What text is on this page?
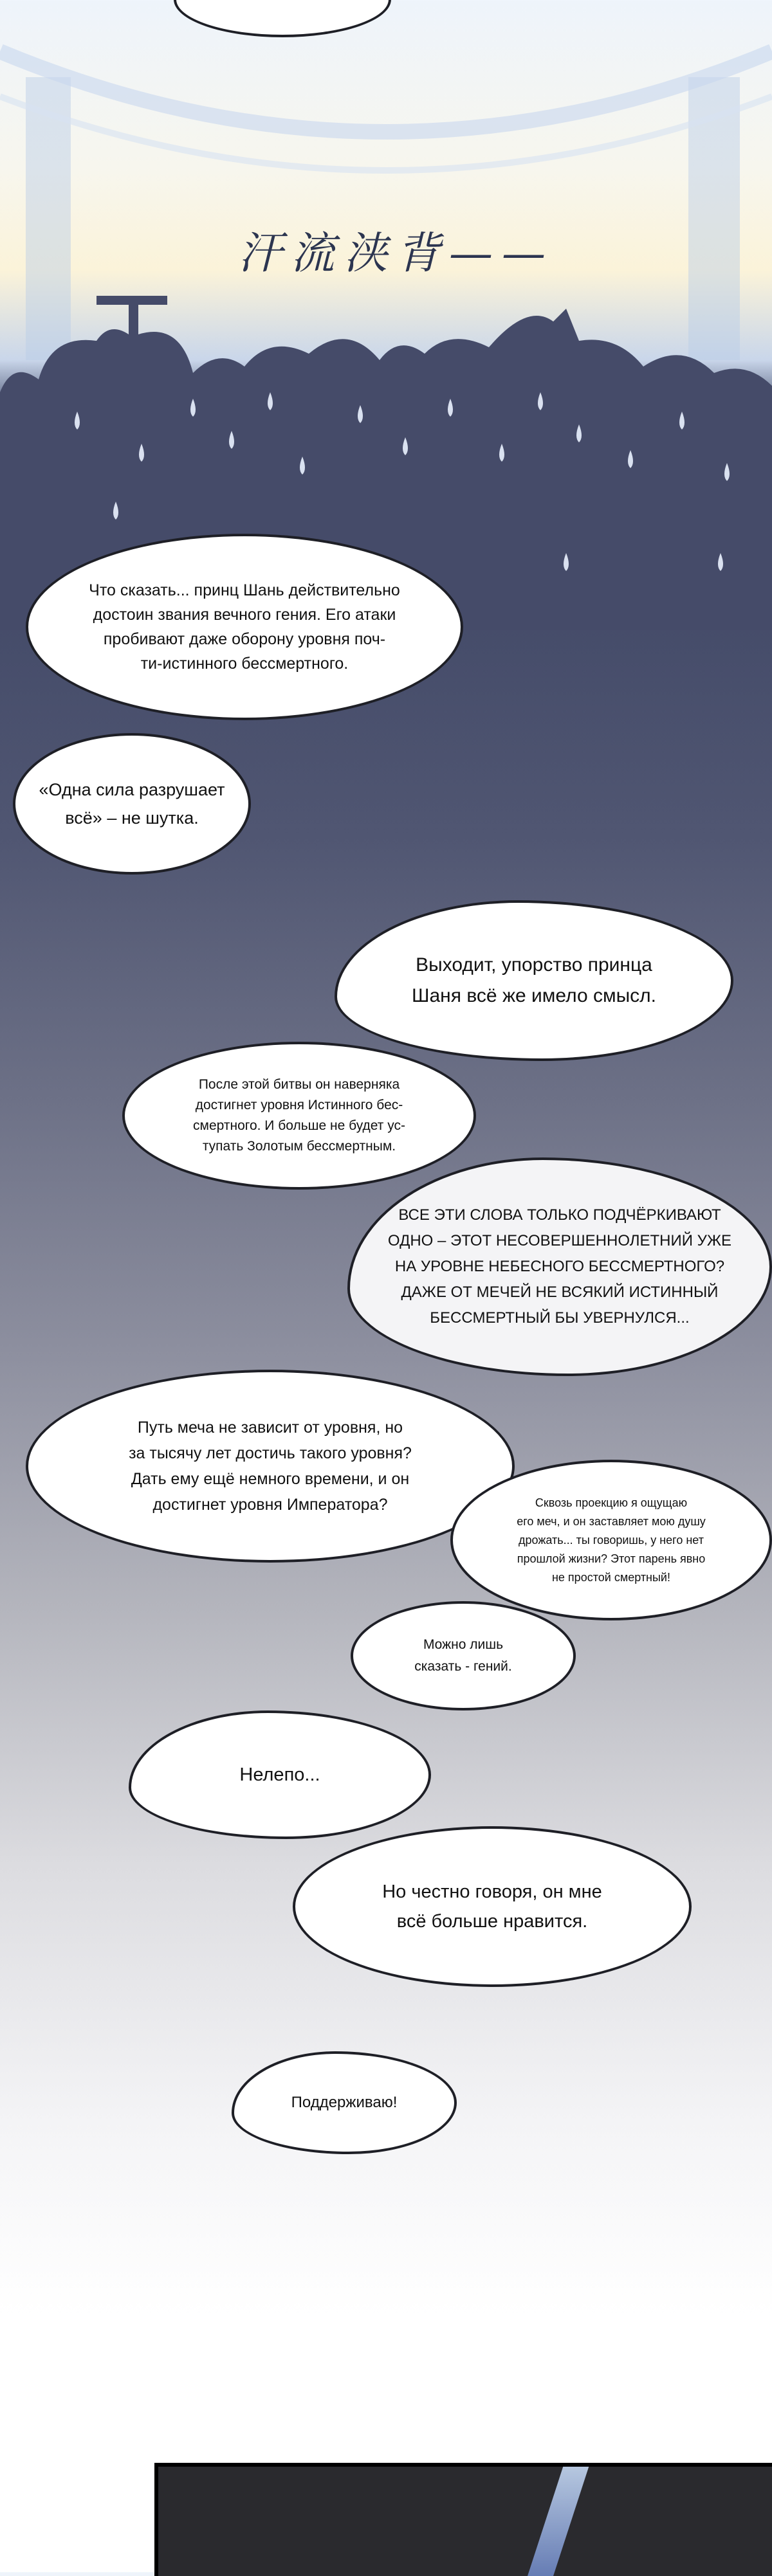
汗流浃背——
Что сказать... принц Шань действительно
достоин звания вечного гения. Его атаки
пробивают даже оборону уровня поч-
ти-истинного бессмертного.
«Одна сила разрушает
всё» – не шутка.
Выходит, упорство принца
Шаня всё же имело смысл.
После этой битвы он наверняка
достигнет уровня Истинного бес-
смертного. И больше не будет ус-
тупать Золотым бессмертным.
ВСЕ ЭТИ СЛОВА ТОЛЬКО ПОДЧЁРКИВАЮТ
ОДНО – ЭТОТ НЕСОВЕРШЕННОЛЕТНИЙ УЖЕ
НА УРОВНЕ НЕБЕСНОГО БЕССМЕРТНОГО?
ДАЖЕ ОТ МЕЧЕЙ НЕ ВСЯКИЙ ИСТИННЫЙ
БЕССМЕРТНЫЙ БЫ УВЕРНУЛСЯ...
Путь меча не зависит от уровня, но
за тысячу лет достичь такого уровня?
Дать ему ещё немного времени, и он
достигнет уровня Императора?	Сквозь проекцию я ощущаю
его меч, и он заставляет мою душу
дрожать... ты говоришь, у него нет
прошлой жизни? Этот парень явно
не простой смертный!
Можно лишь
сказать - гений.
Нелепо...
Но честно говоря, он мне
всё больше нравится.
Поддерживаю!
